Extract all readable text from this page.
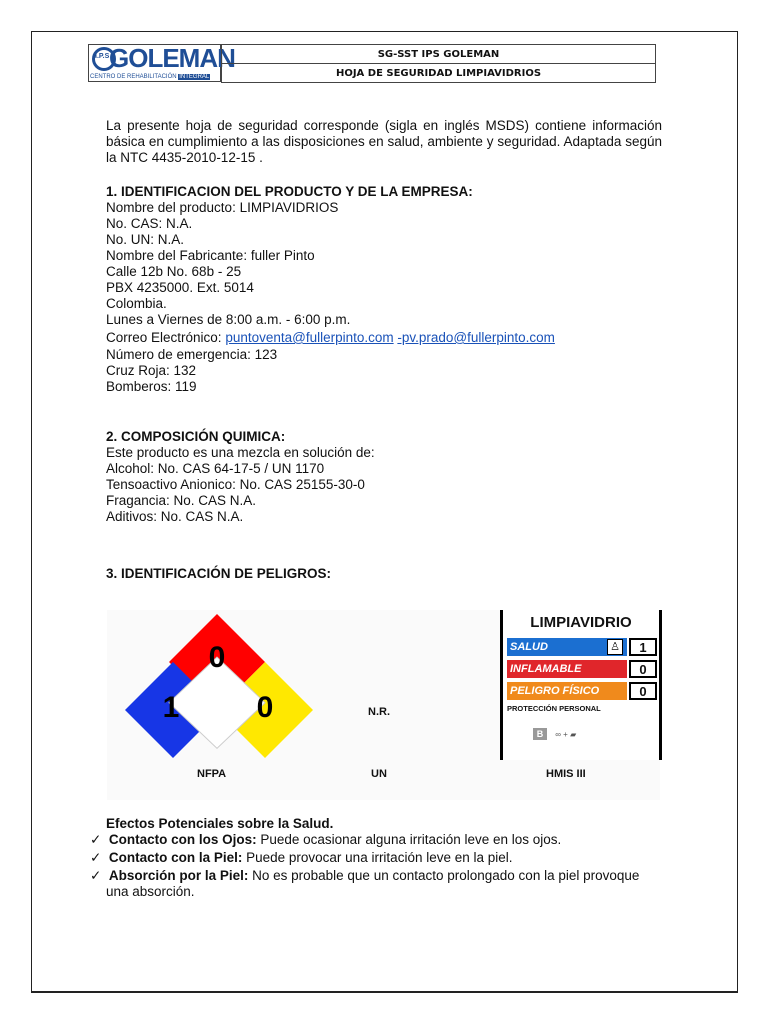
I.P.S GOLEMAN
CENTRO DE REHABILITACIÓN INTEGRAL
SG-SST IPS GOLEMAN
HOJA DE SEGURIDAD LIMPIAVIDRIOS
La presente hoja de seguridad corresponde (sigla en inglés MSDS) contiene información básica en cumplimiento a las disposiciones en salud, ambiente y seguridad. Adaptada según la NTC 4435-2010-12-15 .
1. IDENTIFICACION DEL PRODUCTO Y DE LA EMPRESA:
Nombre del producto: LIMPIAVIDRIOS
No. CAS: N.A.
No. UN: N.A.
Nombre del Fabricante: fuller Pinto
Calle 12b No. 68b - 25
PBX 4235000. Ext. 5014
Colombia.
Lunes a Viernes de 8:00 a.m. - 6:00 p.m.
Correo Electrónico: puntoventa@fullerpinto.com -pv.prado@fullerpinto.com
Número de emergencia: 123
Cruz Roja: 132
Bomberos: 119
2. COMPOSICIÓN QUIMICA:
Este producto es una mezcla en solución de:
Alcohol: No. CAS 64-17-5 / UN 1170
Tensoactivo Anionico: No. CAS 25155-30-0
Fragancia: No. CAS N.A.
Aditivos: No. CAS N.A.
3. IDENTIFICACIÓN DE PELIGROS:
0
1	0
NFPA
N.R.
UN
LIMPIAVIDRIO
SALUD	♙	1
INFLAMABLE	0
PELIGRO FÍSICO	0
PROTECCIÓN PERSONAL
B ∞ + ▰
HMIS III
Efectos Potenciales sobre la Salud.
✓ Contacto con los Ojos: Puede ocasionar alguna irritación leve en los ojos.
✓ Contacto con la Piel: Puede provocar una irritación leve en la piel.
✓ Absorción por la Piel: No es probable que un contacto prolongado con la piel provoque
una absorción.
